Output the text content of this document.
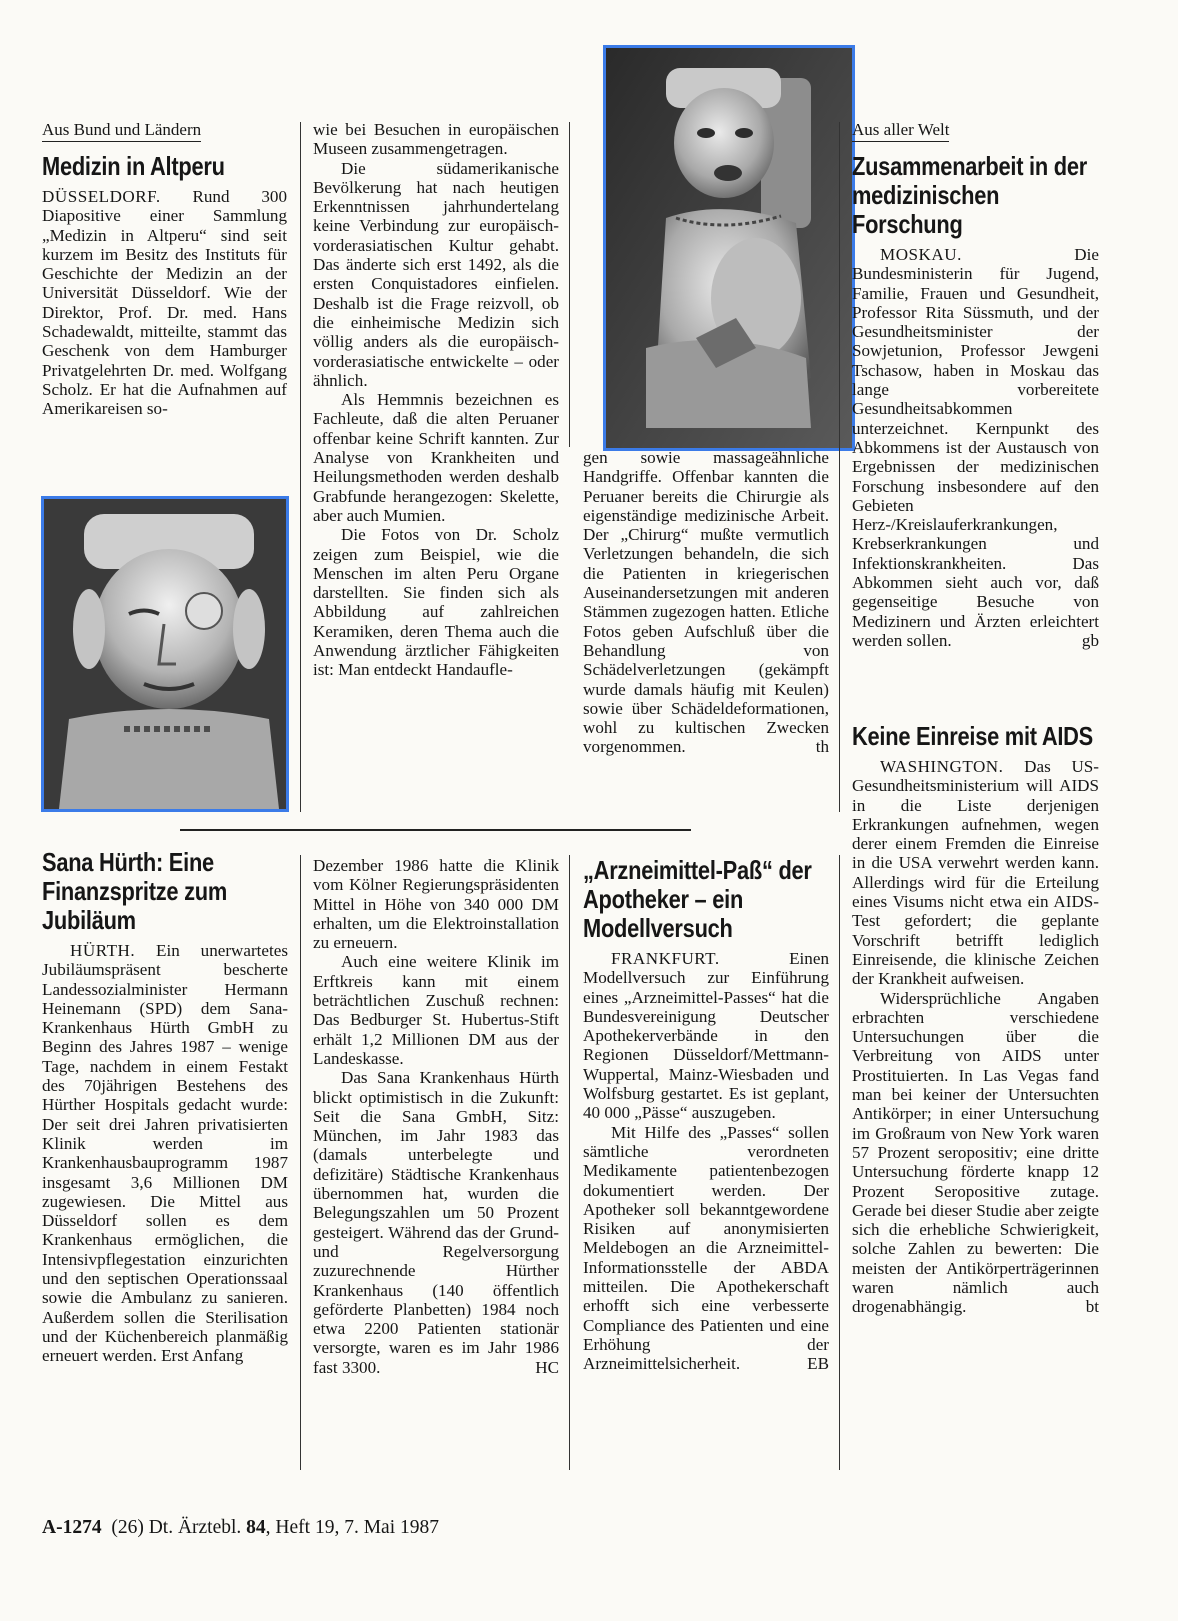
Aus Bund und Ländern
Medizin in Altperu

DÜSSELDORF. Rund 300 Diapositive einer Sammlung „Medizin in Altperu“ sind seit kurzem im Besitz des Instituts für Geschichte der Medizin an der Universität Düsseldorf. Wie der Direktor, Prof. Dr. med. Hans Schadewaldt, mitteilte, stammt das Geschenk von dem Hamburger Privatgelehrten Dr. med. Wolfgang Scholz. Er hat die Aufnahmen auf Amerikareisen so-

wie bei Besuchen in europäischen Museen zusammengetragen.

Die südamerikanische Bevölkerung hat nach heutigen Erkenntnissen jahrhundertelang keine Verbindung zur europäisch-vorderasiatischen Kultur gehabt. Das änderte sich erst 1492, als die ersten Conquistadores einfielen. Deshalb ist die Frage reizvoll, ob die einheimische Medizin sich völlig anders als die europäisch-vorderasiatische entwickelte – oder ähnlich.

Als Hemmnis bezeichnen es Fachleute, daß die alten Peruaner offenbar keine Schrift kannten. Zur Analyse von Krankheiten und Heilungsmethoden werden deshalb Grabfunde herangezogen: Skelette, aber auch Mumien.

Die Fotos von Dr. Scholz zeigen zum Beispiel, wie die Menschen im alten Peru Organe darstellten. Sie finden sich als Abbildung auf zahlreichen Keramiken, deren Thema auch die Anwendung ärztlicher Fähigkeiten ist: Man entdeckt Handaufle-

gen sowie massageähnliche Handgriffe. Offenbar kannten die Peruaner bereits die Chirurgie als eigenständige medizinische Arbeit. Der „Chirurg“ mußte vermutlich Verletzungen behandeln, die sich die Patienten in kriegerischen Auseinandersetzungen mit anderen Stämmen zugezogen hatten. Etliche Fotos geben Aufschluß über die Behandlung von Schädelverletzungen (gekämpft wurde damals häufig mit Keulen) sowie über Schädeldeformationen, wohl zu kultischen Zwecken vorgenommen.	th

Aus aller Welt
Zusammenarbeit in der medizinischen Forschung

MOSKAU. Die Bundesministerin für Jugend, Familie, Frauen und Gesundheit, Professor Rita Süssmuth, und der Gesundheitsminister der Sowjetunion, Professor Jewgeni Tschasow, haben in Moskau das lange vorbereitete Gesundheitsabkommen unterzeichnet. Kernpunkt des Abkommens ist der Austausch von Ergebnissen der medizinischen Forschung insbesondere auf den Gebieten Herz-/Kreislauferkrankungen, Krebserkrankungen und Infektionskrankheiten. Das Abkommen sieht auch vor, daß gegenseitige Besuche von Medizinern und Ärzten erleichtert werden sollen.	gb

Keine Einreise mit AIDS

WASHINGTON. Das US-Gesundheitsministerium will AIDS in die Liste derjenigen Erkrankungen aufnehmen, wegen derer einem Fremden die Einreise in die USA verwehrt werden kann. Allerdings wird für die Erteilung eines Visums nicht etwa ein AIDS-Test gefordert; die geplante Vorschrift betrifft lediglich Einreisende, die klinische Zeichen der Krankheit aufweisen.

Widersprüchliche Angaben erbrachten verschiedene Untersuchungen über die Verbreitung von AIDS unter Prostituierten. In Las Vegas fand man bei keiner der Untersuchten Antikörper; in einer Untersuchung im Großraum von New York waren 57 Prozent seropositiv; eine dritte Untersuchung förderte knapp 12 Prozent Seropositive zutage. Gerade bei dieser Studie aber zeigte sich die erhebliche Schwierigkeit, solche Zahlen zu bewerten: Die meisten der Antikörperträgerinnen waren nämlich auch drogenabhängig.	bt

Sana Hürth: Eine Finanzspritze zum Jubiläum

HÜRTH. Ein unerwartetes Jubiläumspräsent bescherte Landessozialminister Hermann Heinemann (SPD) dem Sana-Krankenhaus Hürth GmbH zu Beginn des Jahres 1987 – wenige Tage, nachdem in einem Festakt des 70jährigen Bestehens des Hürther Hospitals gedacht wurde: Der seit drei Jahren privatisierten Klinik werden im Krankenhausbauprogramm 1987 insgesamt 3,6 Millionen DM zugewiesen. Die Mittel aus Düsseldorf sollen es dem Krankenhaus ermöglichen, die Intensivpflegestation einzurichten und den septischen Operationssaal sowie die Ambulanz zu sanieren. Außerdem sollen die Sterilisation und der Küchenbereich planmäßig erneuert werden. Erst Anfang

Dezember 1986 hatte die Klinik vom Kölner Regierungspräsidenten Mittel in Höhe von 340 000 DM erhalten, um die Elektroinstallation zu erneuern.

Auch eine weitere Klinik im Erftkreis kann mit einem beträchtlichen Zuschuß rechnen: Das Bedburger St. Hubertus-Stift erhält 1,2 Millionen DM aus der Landeskasse.

Das Sana Krankenhaus Hürth blickt optimistisch in die Zukunft: Seit die Sana GmbH, Sitz: München, im Jahr 1983 das (damals unterbelegte und defizitäre) Städtische Krankenhaus übernommen hat, wurden die Belegungszahlen um 50 Prozent gesteigert. Während das der Grund- und Regelversorgung zuzurechnende Hürther Krankenhaus (140 öffentlich geförderte Planbetten) 1984 noch etwa 2200 Patienten stationär versorgte, waren es im Jahr 1986 fast 3300.	HC

„Arzneimittel-Paß“ der Apotheker – ein Modellversuch

FRANKFURT. Einen Modellversuch zur Einführung eines „Arzneimittel-Passes“ hat die Bundesvereinigung Deutscher Apothekerverbände in den Regionen Düsseldorf/Mettmann-Wuppertal, Mainz-Wiesbaden und Wolfsburg gestartet. Es ist geplant, 40 000 „Pässe“ auszugeben.

Mit Hilfe des „Passes“ sollen sämtliche verordneten Medikamente patientenbezogen dokumentiert werden. Der Apotheker soll bekanntgewordene Risiken auf anonymisierten Meldebogen an die Arzneimittel-Informationsstelle der ABDA mitteilen. Die Apothekerschaft erhofft sich eine verbesserte Compliance des Patienten und eine Erhöhung der Arzneimittelsicherheit.	EB

A-1274 (26) Dt. Ärztebl. 84, Heft 19, 7. Mai 1987
